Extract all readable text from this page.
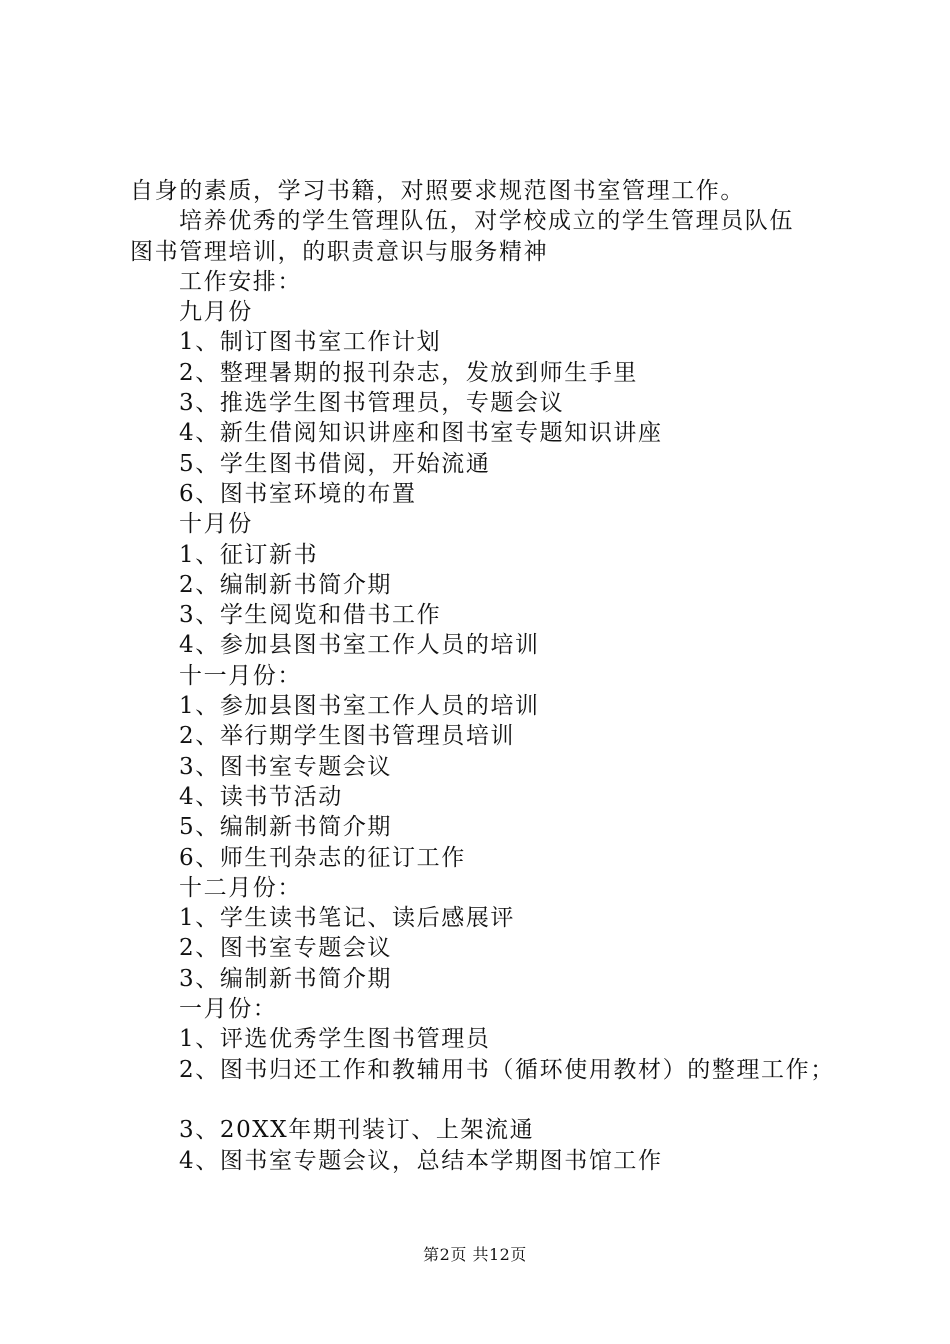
自身的素质，学习书籍，对照要求规范图书室管理工作。
培养优秀的学生管理队伍，对学校成立的学生管理员队伍
图书管理培训，的职责意识与服务精神
工作安排：
九月份
1、制订图书室工作计划
2、整理暑期的报刊杂志，发放到师生手里
3、推选学生图书管理员，专题会议
4、新生借阅知识讲座和图书室专题知识讲座
5、学生图书借阅，开始流通
6、图书室环境的布置
十月份
1、征订新书
2、编制新书简介期
3、学生阅览和借书工作
4、参加县图书室工作人员的培训
十一月份：
1、参加县图书室工作人员的培训
2、举行期学生图书管理员培训
3、图书室专题会议
4、读书节活动
5、编制新书简介期
6、师生刊杂志的征订工作
十二月份：
1、学生读书笔记、读后感展评
2、图书室专题会议
3、编制新书简介期
一月份：
1、评选优秀学生图书管理员
2、图书归还工作和教辅用书（循环使用教材）的整理工作；
3、20XX年期刊装订、上架流通
4、图书室专题会议，总结本学期图书馆工作
第2页 共12页
